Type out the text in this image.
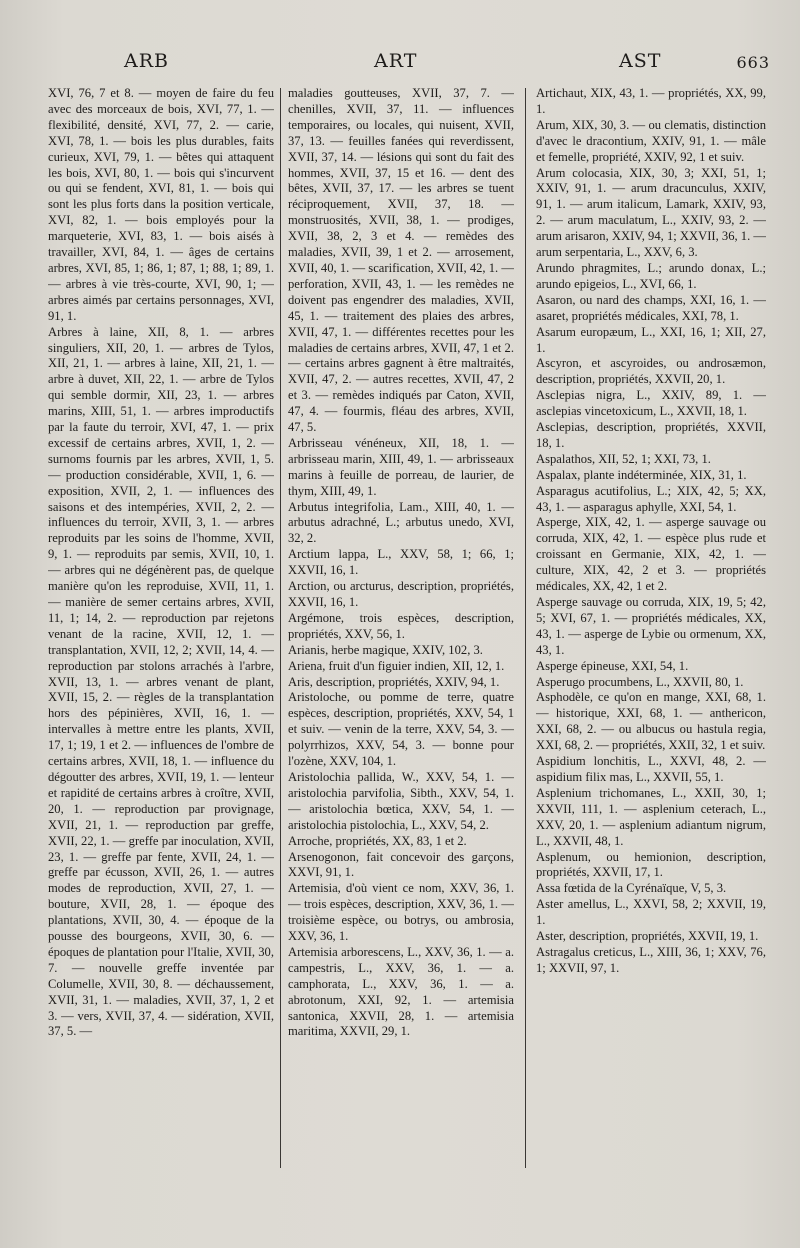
ARB	ART	AST	663

XVI, 76, 7 et 8. — moyen de faire du feu avec des morceaux de bois, XVI, 77, 1. — flexibilité, densité, XVI, 77, 2. — carie, XVI, 78, 1. — bois les plus durables, faits curieux, XVI, 79, 1. — bêtes qui attaquent les bois, XVI, 80, 1. — bois qui s'incurvent ou qui se fendent, XVI, 81, 1. — bois qui sont les plus forts dans la position verticale, XVI, 82, 1. — bois employés pour la marqueterie, XVI, 83, 1. — bois aisés à travailler, XVI, 84, 1. — âges de certains arbres, XVI, 85, 1; 86, 1; 87, 1; 88, 1; 89, 1. — arbres à vie très-courte, XVI, 90, 1; — arbres aimés par certains personnages, XVI, 91, 1.

Arbres à laine, XII, 8, 1. — arbres singuliers, XII, 20, 1. — arbres de Tylos, XII, 21, 1. — arbres à laine, XII, 21, 1. — arbre à duvet, XII, 22, 1. — arbre de Tylos qui semble dormir, XII, 23, 1. — arbres marins, XIII, 51, 1. — arbres improductifs par la faute du terroir, XVI, 47, 1. — prix excessif de certains arbres, XVII, 1, 2. — surnoms fournis par les arbres, XVII, 1, 5. — production considérable, XVII, 1, 6. — exposition, XVII, 2, 1. — influences des saisons et des intempéries, XVII, 2, 2. — influences du terroir, XVII, 3, 1. — arbres reproduits par les soins de l'homme, XVII, 9, 1. — reproduits par semis, XVII, 10, 1. — arbres qui ne dégénèrent pas, de quelque manière qu'on les reproduise, XVII, 11, 1. — manière de semer certains arbres, XVII, 11, 1; 14, 2. — reproduction par rejetons venant de la racine, XVII, 12, 1. — transplantation, XVII, 12, 2; XVII, 14, 4. — reproduction par stolons arrachés à l'arbre, XVII, 13, 1. — arbres venant de plant, XVII, 15, 2. — règles de la transplantation hors des pépinières, XVII, 16, 1. — intervalles à mettre entre les plants, XVII, 17, 1; 19, 1 et 2. — influences de l'ombre de certains arbres, XVII, 18, 1. — influence du dégoutter des arbres, XVII, 19, 1. — lenteur et rapidité de certains arbres à croître, XVII, 20, 1. — reproduction par provignage, XVII, 21, 1. — reproduction par greffe, XVII, 22, 1. — greffe par inoculation, XVII, 23, 1. — greffe par fente, XVII, 24, 1. — greffe par écusson, XVII, 26, 1. — autres modes de reproduction, XVII, 27, 1. — bouture, XVII, 28, 1. — époque des plantations, XVII, 30, 4. — époque de la pousse des bourgeons, XVII, 30, 6. — époques de plantation pour l'Italie, XVII, 30, 7. — nouvelle greffe inventée par Columelle, XVII, 30, 8. — déchaussement, XVII, 31, 1. — maladies, XVII, 37, 1, 2 et 3. — vers, XVII, 37, 4. — sidération, XVII, 37, 5. —

maladies goutteuses, XVII, 37, 7. — chenilles, XVII, 37, 11. — influences temporaires, ou locales, qui nuisent, XVII, 37, 13. — feuilles fanées qui reverdissent, XVII, 37, 14. — lésions qui sont du fait des hommes, XVII, 37, 15 et 16. — dent des bêtes, XVII, 37, 17. — les arbres se tuent réciproquement, XVII, 37, 18. — monstruosités, XVII, 38, 1. — prodiges, XVII, 38, 2, 3 et 4. — remèdes des maladies, XVII, 39, 1 et 2. — arrosement, XVII, 40, 1. — scarification, XVII, 42, 1. — perforation, XVII, 43, 1. — les remèdes ne doivent pas engendrer des maladies, XVII, 45, 1. — traitement des plaies des arbres, XVII, 47, 1. — différentes recettes pour les maladies de certains arbres, XVII, 47, 1 et 2. — certains arbres gagnent à être maltraités, XVII, 47, 2. — autres recettes, XVII, 47, 2 et 3. — remèdes indiqués par Caton, XVII, 47, 4. — fourmis, fléau des arbres, XVII, 47, 5.

Arbrisseau vénéneux, XII, 18, 1. — arbrisseau marin, XIII, 49, 1. — arbrisseaux marins à feuille de porreau, de laurier, de thym, XIII, 49, 1.

Arbutus integrifolia, Lam., XIII, 40, 1. — arbutus adrachné, L.; arbutus unedo, XVI, 32, 2.

Arctium lappa, L., XXV, 58, 1; 66, 1; XXVII, 16, 1.

Arction, ou arcturus, description, propriétés, XXVII, 16, 1.

Argémone, trois espèces, description, propriétés, XXV, 56, 1.

Arianis, herbe magique, XXIV, 102, 3.

Ariena, fruit d'un figuier indien, XII, 12, 1.

Aris, description, propriétés, XXIV, 94, 1.

Aristoloche, ou pomme de terre, quatre espèces, description, propriétés, XXV, 54, 1 et suiv. — venin de la terre, XXV, 54, 3. — polyrrhizos, XXV, 54, 3. — bonne pour l'ozène, XXV, 104, 1.

Aristolochia pallida, W., XXV, 54, 1. — aristolochia parvifolia, Sibth., XXV, 54, 1. — aristolochia bœtica, XXV, 54, 1. — aristolochia pistolochia, L., XXV, 54, 2.

Arroche, propriétés, XX, 83, 1 et 2.

Arsenogonon, fait concevoir des garçons, XXVI, 91, 1.

Artemisia, d'où vient ce nom, XXV, 36, 1. — trois espèces, description, XXV, 36, 1. — troisième espèce, ou botrys, ou ambrosia, XXV, 36, 1.

Artemisia arborescens, L., XXV, 36, 1. — a. campestris, L., XXV, 36, 1. — a. camphorata, L., XXV, 36, 1. — a. abrotonum, XXI, 92, 1. — artemisia santonica, XXVII, 28, 1. — artemisia maritima, XXVII, 29, 1.

Artichaut, XIX, 43, 1. — propriétés, XX, 99, 1.

Arum, XIX, 30, 3. — ou clematis, distinction d'avec le dracontium, XXIV, 91, 1. — mâle et femelle, propriété, XXIV, 92, 1 et suiv.

Arum colocasia, XIX, 30, 3; XXI, 51, 1; XXIV, 91, 1. — arum dracunculus, XXIV, 91, 1. — arum italicum, Lamark, XXIV, 93, 2. — arum maculatum, L., XXIV, 93, 2. — arum arisaron, XXIV, 94, 1; XXVII, 36, 1. — arum serpentaria, L., XXV, 6, 3.

Arundo phragmites, L.; arundo donax, L.; arundo epigeios, L., XVI, 66, 1.

Asaron, ou nard des champs, XXI, 16, 1. — asaret, propriétés médicales, XXI, 78, 1.

Asarum europæum, L., XXI, 16, 1; XII, 27, 1.

Ascyron, et ascyroides, ou androsæmon, description, propriétés, XXVII, 20, 1.

Asclepias nigra, L., XXIV, 89, 1. — asclepias vincetoxicum, L., XXVII, 18, 1.

Asclepias, description, propriétés, XXVII, 18, 1.

Aspalathos, XII, 52, 1; XXI, 73, 1.

Aspalax, plante indéterminée, XIX, 31, 1.

Asparagus acutifolius, L.; XIX, 42, 5; XX, 43, 1. — asparagus aphylle, XXI, 54, 1.

Asperge, XIX, 42, 1. — asperge sauvage ou corruda, XIX, 42, 1. — espèce plus rude et croissant en Germanie, XIX, 42, 1. — culture, XIX, 42, 2 et 3. — propriétés médicales, XX, 42, 1 et 2.

Asperge sauvage ou corruda, XIX, 19, 5; 42, 5; XVI, 67, 1. — propriétés médicales, XX, 43, 1. — asperge de Lybie ou ormenum, XX, 43, 1.

Asperge épineuse, XXI, 54, 1.

Asperugo procumbens, L., XXVII, 80, 1.

Asphodèle, ce qu'on en mange, XXI, 68, 1. — historique, XXI, 68, 1. — anthericon, XXI, 68, 2. — ou albucus ou hastula regia, XXI, 68, 2. — propriétés, XXII, 32, 1 et suiv.

Aspidium lonchitis, L., XXVI, 48, 2. — aspidium filix mas, L., XXVII, 55, 1.

Asplenium trichomanes, L., XXII, 30, 1; XXVII, 111, 1. — asplenium ceterach, L., XXV, 20, 1. — asplenium adiantum nigrum, L., XXVII, 48, 1.

Asplenum, ou hemionion, description, propriétés, XXVII, 17, 1.

Assa fœtida de la Cyrénaïque, V, 5, 3.

Aster amellus, L., XXVI, 58, 2; XXVII, 19, 1.

Aster, description, propriétés, XXVII, 19, 1.

Astragalus creticus, L., XIII, 36, 1; XXV, 76, 1; XXVII, 97, 1.
